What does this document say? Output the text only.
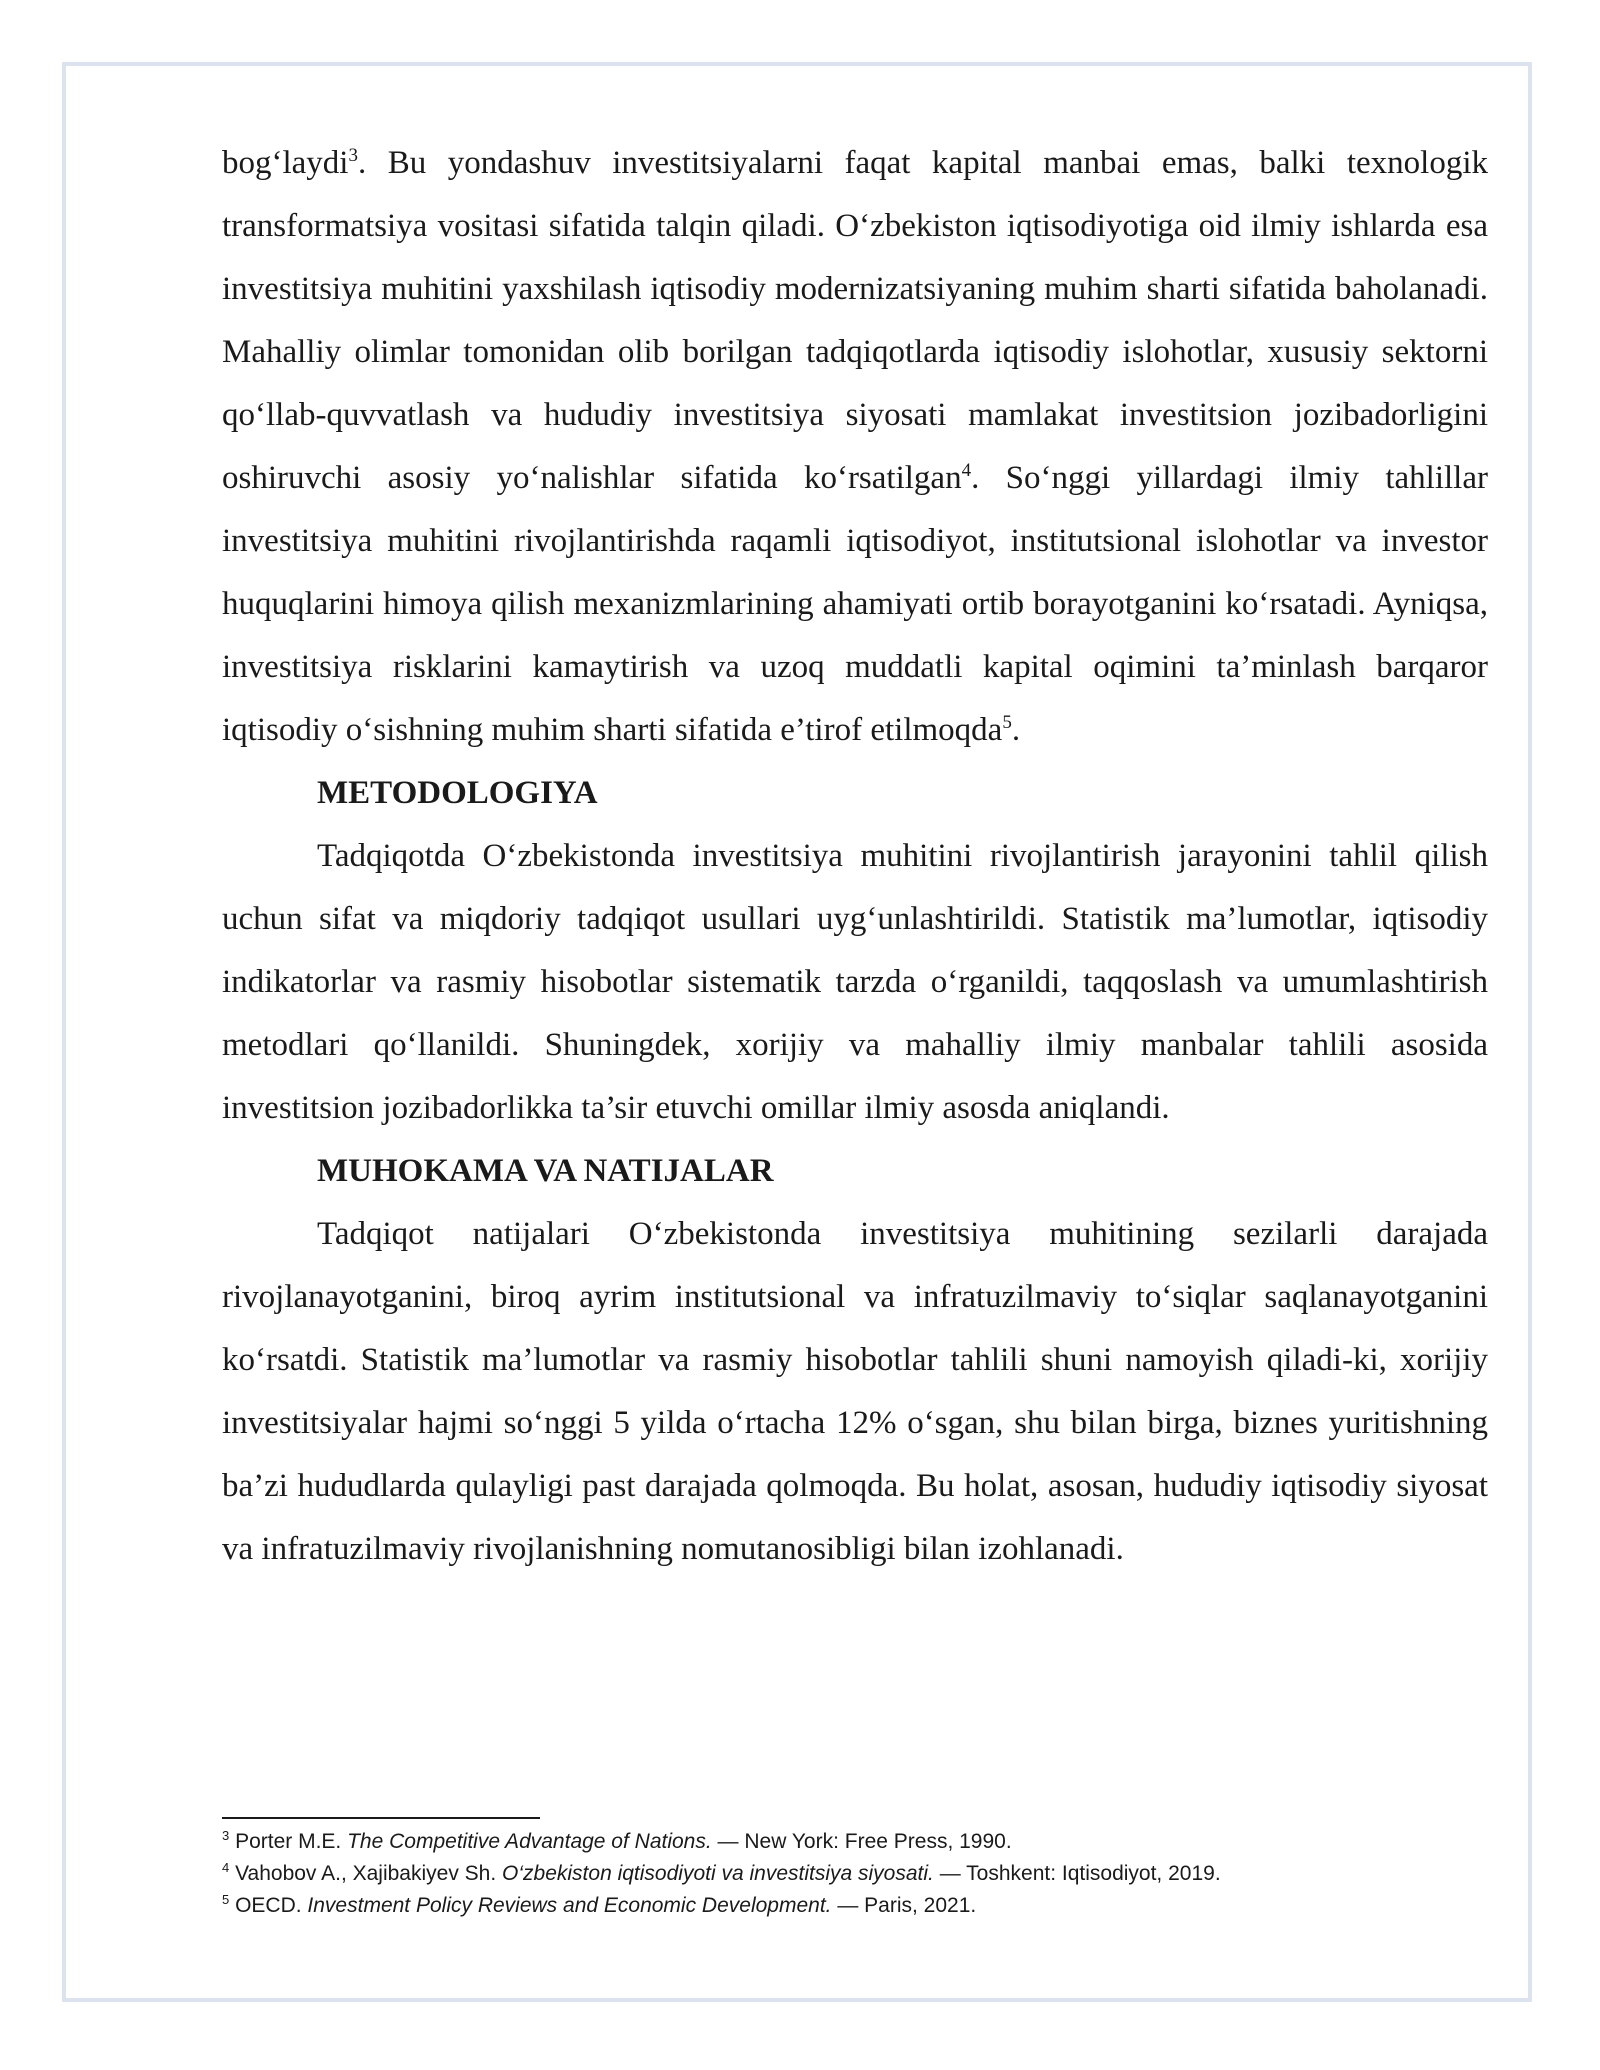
bog‘laydi$^3$. Bu yondashuv investitsiyalarni faqat kapital manbai emas, balki texnologik transformatsiya vositasi sifatida talqin qiladi. O‘zbekiston iqtisodiyotiga oid ilmiy ishlarda esa investitsiya muhitini yaxshilash iqtisodiy modernizatsiyaning muhim sharti sifatida baholanadi. Mahalliy olimlar tomonidan olib borilgan tadqiqotlarda iqtisodiy islohotlar, xususiy sektorni qo‘llab-quvvatlash va hududiy investitsiya siyosati mamlakat investitsion jozibadorligini oshiruvchi asosiy yo‘nalishlar sifatida ko‘rsatilgan$^4$. So‘nggi yillardagi ilmiy tahlillar investitsiya muhitini rivojlantirishda raqamli iqtisodiyot, institutsional islohotlar va investor huquqlarini himoya qilish mexanizmlarining ahamiyati ortib borayotganini ko‘rsatadi. Ayniqsa, investitsiya risklarini kamaytirish va uzoq muddatli kapital oqimini ta’minlash barqaror iqtisodiy o‘sishning muhim sharti sifatida e’tirof etilmoqda$^5$.

METODOLOGIYA

Tadqiqotda O‘zbekistonda investitsiya muhitini rivojlantirish jarayonini tahlil qilish uchun sifat va miqdoriy tadqiqot usullari uyg‘unlashtirildi. Statistik ma’lumotlar, iqtisodiy indikatorlar va rasmiy hisobotlar sistematik tarzda o‘rganildi, taqqoslash va umumlashtirish metodlari qo‘llanildi. Shuningdek, xorijiy va mahalliy ilmiy manbalar tahlili asosida investitsion jozibadorlikka ta’sir etuvchi omillar ilmiy asosda aniqlandi.

MUHOKAMA VA NATIJALAR

Tadqiqot natijalari O‘zbekistonda investitsiya muhitining sezilarli darajada rivojlanayotganini, biroq ayrim institutsional va infratuzilmaviy to‘siqlar saqlanayotganini ko‘rsatdi. Statistik ma’lumotlar va rasmiy hisobotlar tahlili shuni namoyish qiladi-ki, xorijiy investitsiyalar hajmi so‘nggi 5 yilda o‘rtacha 12% o‘sgan, shu bilan birga, biznes yuritishning ba’zi hududlarda qulayligi past darajada qolmoqda. Bu holat, asosan, hududiy iqtisodiy siyosat va infratuzilmaviy rivojlanishning nomutanosibligi bilan izohlanadi.

$^3$ Porter M.E. The Competitive Advantage of Nations. — New York: Free Press, 1990.

$^4$ Vahobov A., Xajibakiyev Sh. O‘zbekiston iqtisodiyoti va investitsiya siyosati. — Toshkent: Iqtisodiyot, 2019.

$^5$ OECD. Investment Policy Reviews and Economic Development. — Paris, 2021.
